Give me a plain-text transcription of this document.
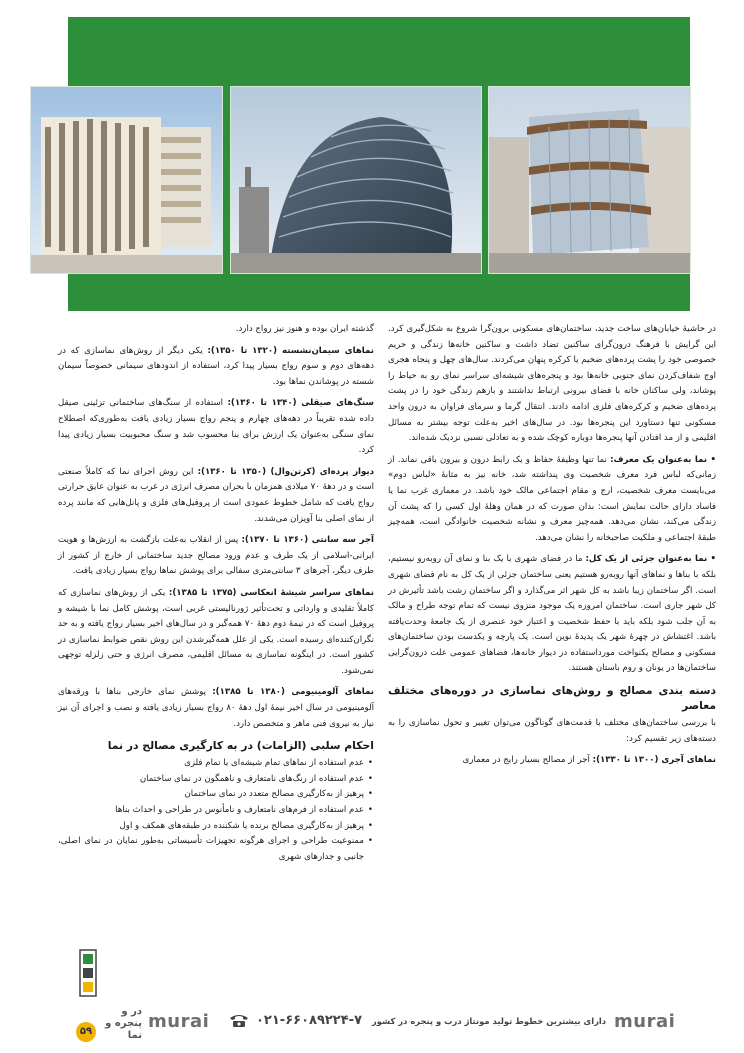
در حاشیهٔ خیابان‌های ساخت جدید، ساختمان‌های مسکونی برون‌گرا شروع به شکل‌گیری کرد. این گرایش با فرهنگ درون‌گرای ساکنین تضاد داشت و ساکنین خانه‌ها زندگی و حریم خصوصی خود را پشت پرده‌های ضخیم یا کرکره پنهان می‌کردند. سال‌های چهل و پنجاه هجری اوج شفاف‌کردن نمای جنوبی خانه‌ها بود و پنجره‌های شیشه‌ای سراسر نمای رو به حیاط را پوشاند، ولی ساکنان خانه با فضای بیرونی ارتباط نداشتند و بازهم زندگی خود را در پشت پرده‌های ضخیم و کرکره‌های فلزی ادامه دادند. انتقال گرما و سرمای فراوان به درون واحد مسکونی تنها دستاورد این پنجره‌ها بود. در سال‌های اخیر به‌علت توجه بیشتر به مسائل اقلیمی و از مد افتادن آنها پنجره‌ها دوباره کوچک شده و به تعادلی نسبی نزدیک شده‌اند.

• نما به‌عنوان یک معرف: نما تنها وظیفهٔ حفاظ و یک رابط درون و بیرون باقی نماند. از زمانی‌که لباس فرد معرف شخصیت وی پنداشته شد، خانه نیز به مثابهٔ «لباس دوم» می‌بایست معرف شخصیت، ارج و مقام اجتماعی مالک خود باشد. در معماری غرب نما یا فاساد دارای حالت نمایش است: بدان صورت که در همان وهلهٔ اول کسی را که پشت آن زندگی می‌کند، نشان می‌دهد. همه‌چیز معرف و نشانه شخصیت خانوادگی است، همه‌چیز طبقهٔ اجتماعی و ملکیت صاحبخانه را نشان می‌دهد.

• نما به‌عنوان جزئی از یک کل: ما در فضای شهری با یک بنا و نمای آن روبه‌رو نیستیم، بلکه با بناها و نماهای آنها روبه‌رو هستیم یعنی ساختمان جزئی از یک کل به نام فضای شهری است. اگر ساختمان زیبا باشد به کل شهر اثر می‌گذارد و اگر ساختمان زشت باشد تأثیرش در کل شهر جاری است. ساختمان امروزه یک موجود منزوی نیست که تمام توجه طراح و مالک به آن جلب شود بلکه باید با حفظ شخصیت و اعتبار خود عنصری از یک جامعهٔ وحدت‌یافته باشد. اغتشاش در چهرهٔ شهر یک پدیدهٔ نوین است. یک پارچه و یکدست بودن ساختمان‌های مسکونی و مصالح یکنواخت مورداستفاده در دیوار خانه‌ها، فضاهای عمومی علت درون‌گرایی ساختمان‌ها در یونان و روم باستان هستند.

دسته بندی مصالح و روش‌های نماسازی در دوره‌های مختلف معاصر

با بررسی ساختمان‌های مختلف با قدمت‌های گوناگون می‌توان تغییر و تحول نماسازی را به دسته‌های زیر تقسیم کرد:

نماهای آجری (۱۳۰۰ تا ۱۳۳۰): آجر از مصالح بسیار رایج در معماری

گذشته ایران بوده و هنوز نیز رواج دارد.

نماهای سیمان‌نشسته (۱۳۲۰ تا ۱۳۵۰): یکی دیگر از روش‌های نماسازی که در دهه‌های دوم و سوم رواج بسیار پیدا کرد، استفاده از اندودهای سیمانی خصوصاً سیمان شسته در پوشاندن نماها بود.

سنگ‌های صیقلی (۱۳۴۰ تا ۱۳۶۰): استفاده از سنگ‌های ساختمانی تزئینی صیقل داده شده تقریباً در دهه‌های چهارم و پنجم رواج بسیار زیادی یافت به‌طوری‌که اصطلاح نمای سنگی به‌عنوان یک ارزش برای بنا محسوب شد و سنگ محبوبیت بسیار زیادی پیدا کرد.

دیوار پرده‌ای (کرتن‌وال) (۱۳۵۰ تا ۱۳۶۰): این روش اجرای نما که کاملاً صنعتی است و در دههٔ ۷۰ میلادی همزمان با بحران مصرف انرژی در غرب به عنوان عایق حرارتی رواج یافت که شامل خطوط عمودی است از پروفیل‌های فلزی و پانل‌هایی که مانند پرده از نمای اصلی بنا آویزان می‌شدند.

آجر سه سانتی (۱۳۶۰ تا ۱۳۷۰): پس از انقلاب به‌علت بازگشت به ارزش‌ها و هویت ایرانی-اسلامی از یک طرف و عدم ورود مصالح جدید ساختمانی از خارج از کشور از طرف دیگر، آجرهای ۳ سانتی‌متری سفالی برای پوشش نماها رواج بسیار زیادی یافت.

نماهای سراسر شیشهٔ انعکاسی (۱۳۷۵ تا ۱۳۸۵): یکی از روش‌های نماسازی که کاملاً تقلیدی و وارداتی و تحت‌تأثیر ژورنالیستی غربی است، پوشش کامل نما با شیشه و پروفیل است که در نیمهٔ دوم دههٔ ۷۰ همه‌گیر و در سال‌های اخیر بسیار رواج یافته و به حد نگران‌کننده‌ای رسیده است. یکی از علل همه‌گیرشدن این روش نقص ضوابط نماسازی در کشور است. در اینگونه نماسازی به مسائل اقلیمی، مصرف انرژی و حتی زلزله توجهی نمی‌شود.

نماهای آلومینیومی (۱۳۸۰ تا ۱۳۸۵): پوشش نمای خارجی بناها با ورقه‌های آلومینیومی در سال اخیر نیمهٔ اول دههٔ ۸۰ رواج بسیار زیادی یافته و نصب و اجرای آن نیز نیاز به نیروی فنی ماهر و متخصص دارد.

احکام سلبی (الزامات) در به کارگیری مصالح در نما
• عدم استفاده از نماهای تمام شیشه‌ای یا تمام فلزی
• عدم استفاده از رنگ‌های نامتعارف و ناهمگون در نمای ساختمان
• پرهیز از به‌کارگیری مصالح متعدد در نمای ساختمان
• عدم استفاده از فرم‌های نامتعارف و نامأنوس در طراحی و احداث بناها
• پرهیز از به‌کارگیری مصالح برنده یا شکننده در طبقه‌های همکف و اول
• ممنوعیت طراحی و اجرای هرگونه تجهیزات تأسیساتی به‌طور نمایان در نمای اصلی، جانبی و جدارهای شهری
۵۹
در و پنجره و نما
murai	۰۲۱-۶۶۰۸۹۲۲۴-۷ دارای بیشترین خطوط تولید مونتاژ درب و پنجره در کشور murai
